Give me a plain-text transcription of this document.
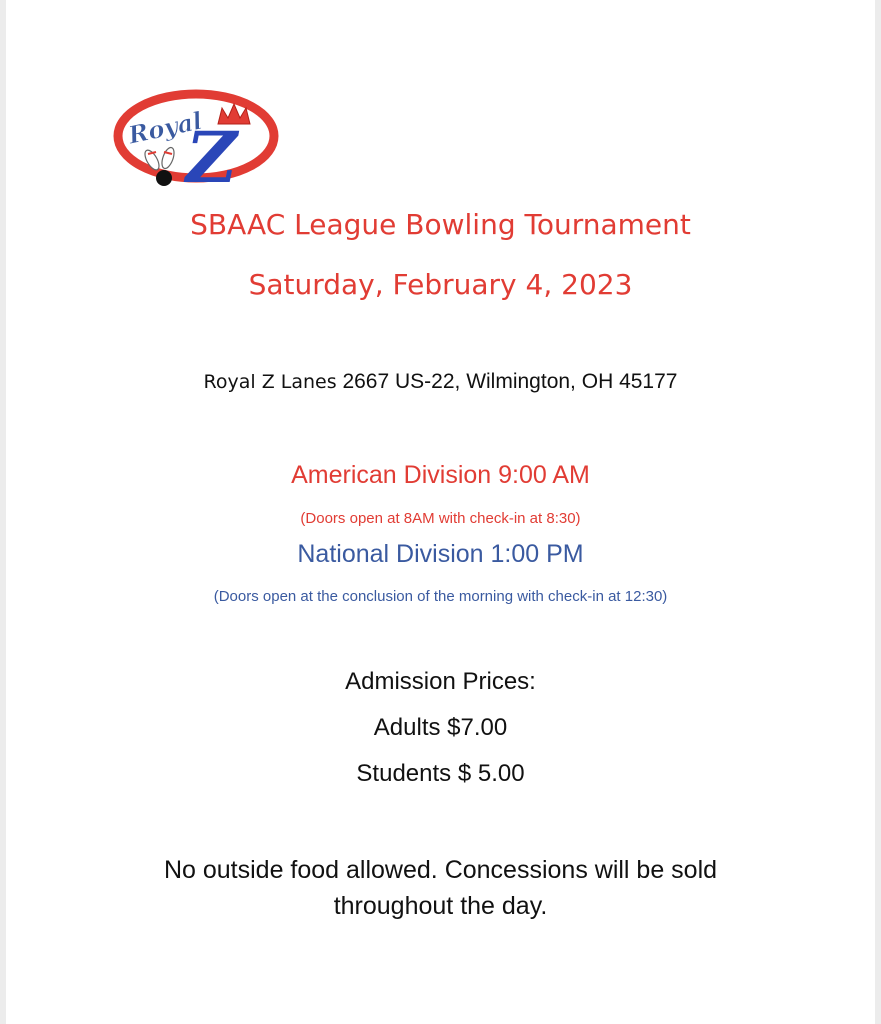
Royal
Z
SBAAC League Bowling Tournament
Saturday, February 4, 2023
Royal Z Lanes 2667 US-22, Wilmington, OH 45177
American Division 9:00 AM
(Doors open at 8AM with check-in at 8:30)
National Division 1:00 PM
(Doors open at the conclusion of the morning with check-in at 12:30)
Admission Prices:
Adults $7.00
Students $ 5.00
No outside food allowed. Concessions will be sold throughout the day.
